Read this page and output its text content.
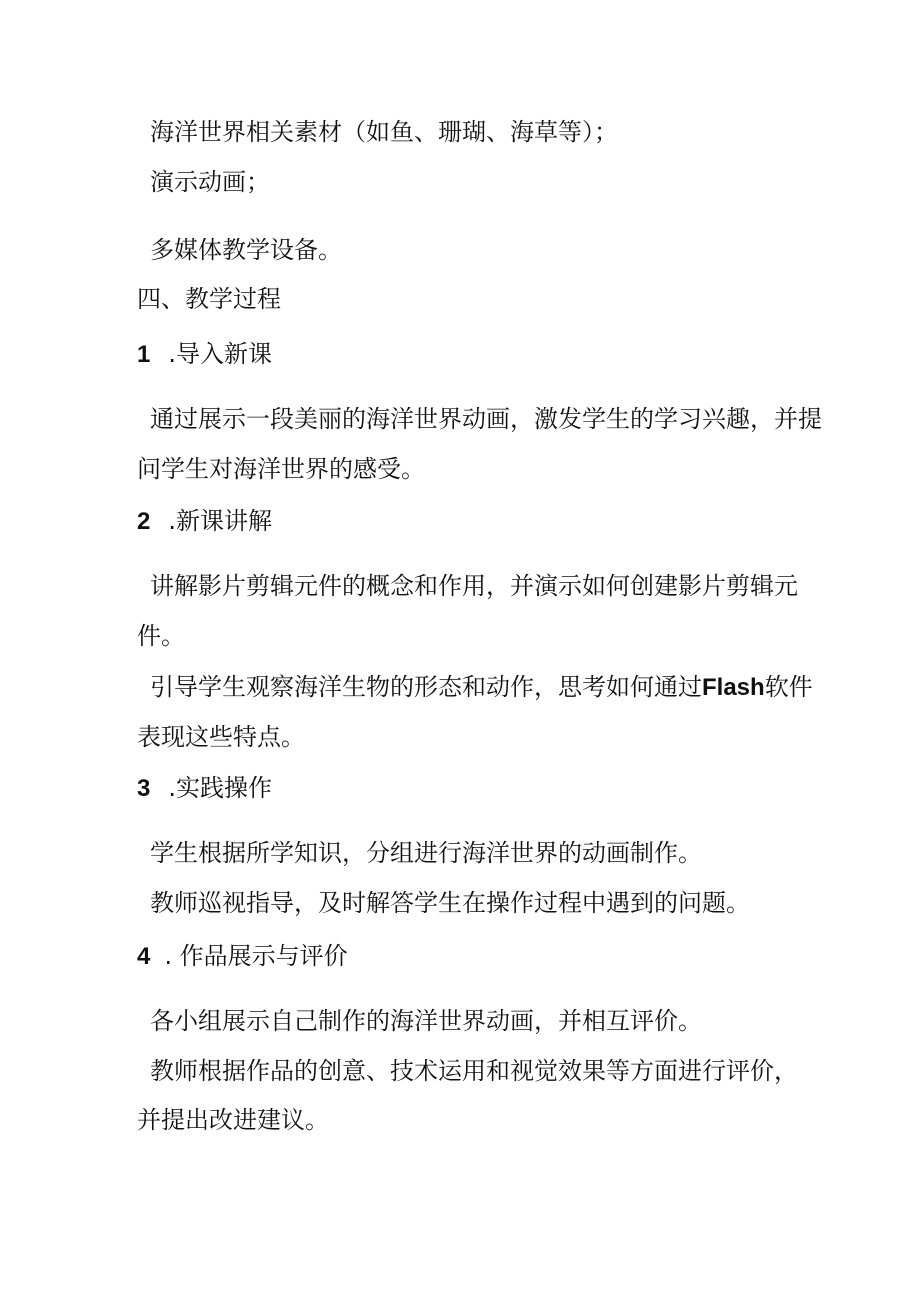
海洋世界相关素材（如鱼、珊瑚、海草等）；
演示动画；
多媒体教学设备。
四、教学过程
1 .导入新课
通过展示一段美丽的海洋世界动画，激发学生的学习兴趣，并提
问学生对海洋世界的感受。
2 .新课讲解
讲解影片剪辑元件的概念和作用，并演示如何创建影片剪辑元
件。
引导学生观察海洋生物的形态和动作，思考如何通过Flash软件
表现这些特点。
3 .实践操作
学生根据所学知识，分组进行海洋世界的动画制作。
教师巡视指导，及时解答学生在操作过程中遇到的问题。
4 . 作品展示与评价
各小组展示自己制作的海洋世界动画，并相互评价。
教师根据作品的创意、技术运用和视觉效果等方面进行评价，
并提出改进建议。
